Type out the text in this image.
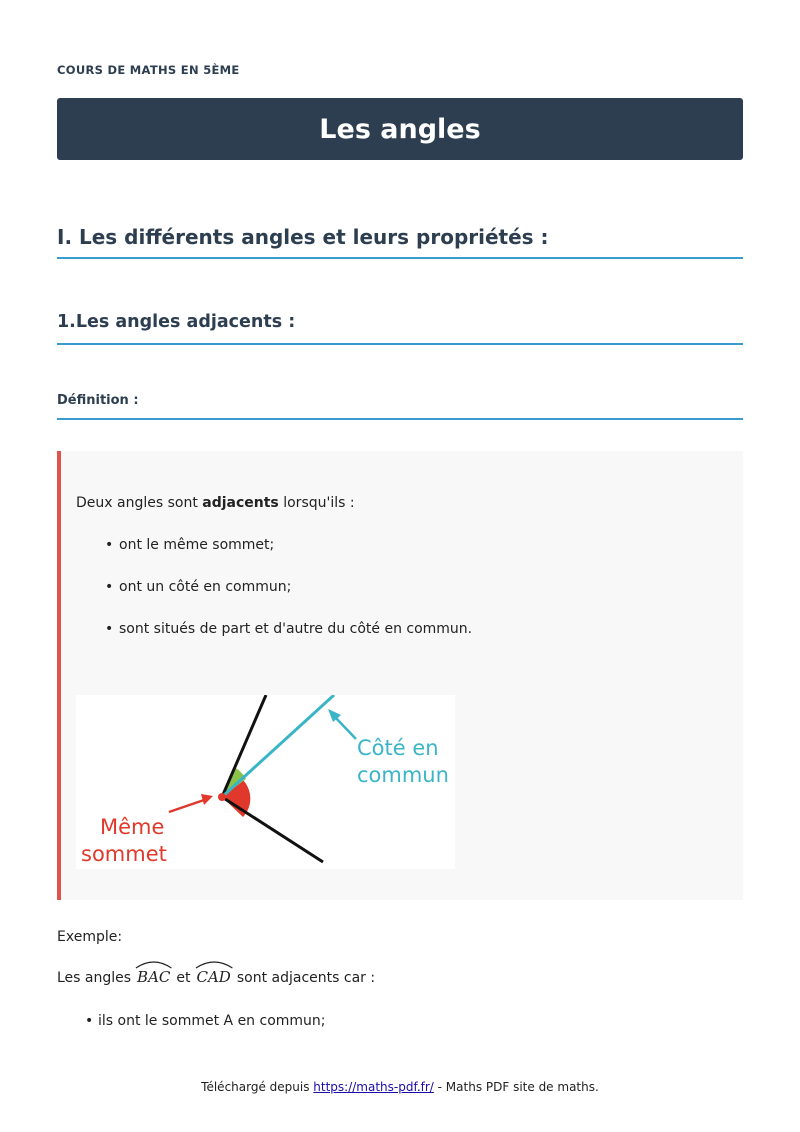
COURS DE MATHS EN 5ÈME
Les angles
I. Les différents angles et leurs propriétés :
1.Les angles adjacents :
Définition :

Deux angles sont adjacents lorsqu'ils :

• ont le même sommet;
• ont un côté en commun;
• sont situés de part et d'autre du côté en commun.
Côté en
commun
Même
sommet
Exemple:
Les angles BAC et CAD sont adjacents car :
• ils ont le sommet A en commun;
Téléchargé depuis https://maths-pdf.fr/ - Maths PDF site de maths.
